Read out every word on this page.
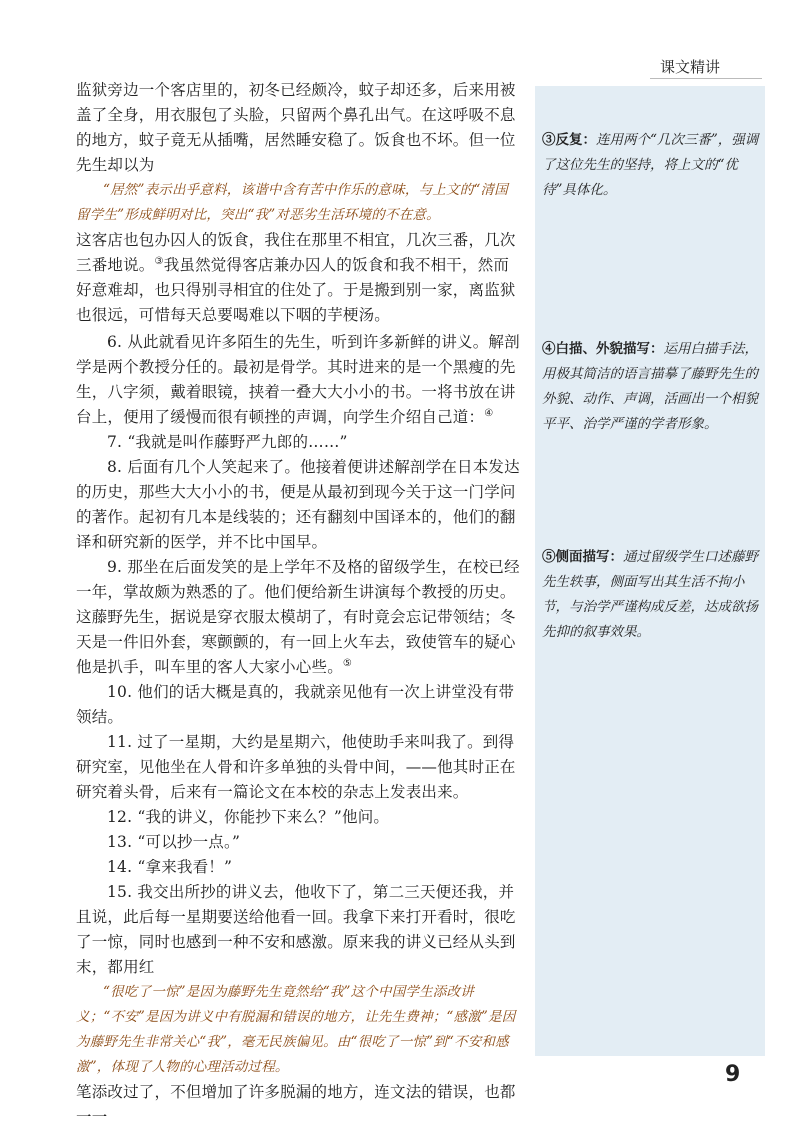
课文精讲

监狱旁边一个客店里的，初冬已经颇冷，蚊子却还多，后来用被盖了全身，用衣服包了头脸，只留两个鼻孔出气。在这呼吸不息的地方，蚊子竟无从插嘴，居然睡安稳了。饭食也不坏。但一位先生却以为

“居然”表示出乎意料，该谐中含有苦中作乐的意味，与上文的“清国留学生”形成鲜明对比，突出“我”对恶劣生活环境的不在意。

这客店也包办囚人的饭食，我住在那里不相宜，几次三番，几次三番地说。③我虽然觉得客店兼办囚人的饭食和我不相干，然而好意难却，也只得别寻相宜的住处了。于是搬到别一家，离监狱也很远，可惜每天总要喝难以下咽的芋梗汤。

6. 从此就看见许多陌生的先生，听到许多新鲜的讲义。解剖学是两个教授分任的。最初是骨学。其时进来的是一个黑瘦的先生，八字须，戴着眼镜，挟着一叠大大小小的书。一将书放在讲台上，便用了缓慢而很有顿挫的声调，向学生介绍自己道：④

7. “我就是叫作藤野严九郎的……”

8. 后面有几个人笑起来了。他接着便讲述解剖学在日本发达的历史，那些大大小小的书，便是从最初到现今关于这一门学问的著作。起初有几本是线装的；还有翻刻中国译本的，他们的翻译和研究新的医学，并不比中国早。

9. 那坐在后面发笑的是上学年不及格的留级学生，在校已经一年，掌故颇为熟悉的了。他们便给新生讲演每个教授的历史。这藤野先生，据说是穿衣服太模胡了，有时竟会忘记带领结；冬天是一件旧外套，寒颤颤的，有一回上火车去，致使管车的疑心他是扒手，叫车里的客人大家小心些。⑤

10. 他们的话大概是真的，我就亲见他有一次上讲堂没有带领结。

11. 过了一星期，大约是星期六，他使助手来叫我了。到得研究室，见他坐在人骨和许多单独的头骨中间，——他其时正在研究着头骨，后来有一篇论文在本校的杂志上发表出来。

12. “我的讲义，你能抄下来么？”他问。

13. “可以抄一点。”

14. “拿来我看！”

15. 我交出所抄的讲义去，他收下了，第二三天便还我，并且说，此后每一星期要送给他看一回。我拿下来打开看时，很吃了一惊，同时也感到一种不安和感激。原来我的讲义已经从头到末，都用红

“很吃了一惊”是因为藤野先生竟然给“我”这个中国学生添改讲义；“不安”是因为讲义中有脱漏和错误的地方，让先生费神；“感激”是因为藤野先生非常关心“我”，毫无民族偏见。由“很吃了一惊”到“不安和感激”，体现了人物的心理活动过程。

笔添改过了，不但增加了许多脱漏的地方，连文法的错误，也都一一

③反复：连用两个“几次三番”，强调了这位先生的坚持，将上文的“优待”具体化。
④白描、外貌描写：运用白描手法，用极其简洁的语言描摹了藤野先生的外貌、动作、声调，活画出一个相貌平平、治学严谨的学者形象。
⑤侧面描写：通过留级学生口述藤野先生轶事，侧面写出其生活不拘小节，与治学严谨构成反差，达成欲扬先抑的叙事效果。
9
